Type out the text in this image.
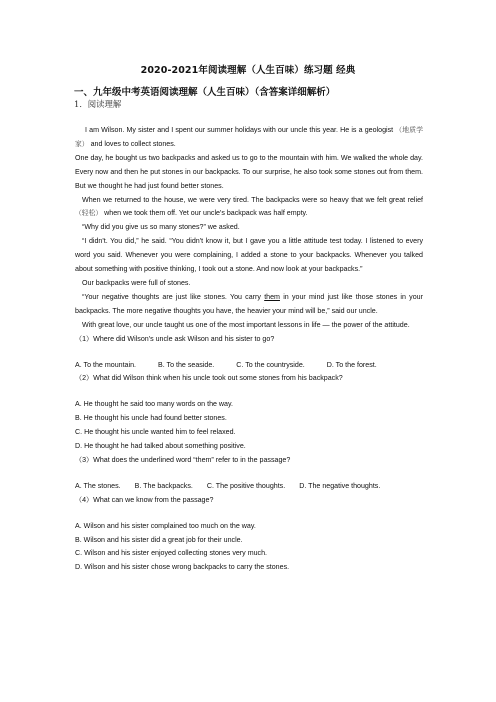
2020-2021年阅读理解（人生百味）练习题 经典
一、九年级中考英语阅读理解（人生百味）（含答案详细解析）
1．阅读理解

I am Wilson. My sister and I spent our summer holidays with our uncle this year. He is a geologist （地质学家） and loves to collect stones.

One day, he bought us two backpacks and asked us to go to the mountain with him. We walked the whole day. Every now and then he put stones in our backpacks. To our surprise, he also took some stones out from them. But we thought he had just found better stones.

When we returned to the house, we were very tired. The backpacks were so heavy that we felt great relief （轻松） when we took them off. Yet our uncle's backpack was half empty.

“Why did you give us so many stones?” we asked.

“I didn't. You did,” he said. “You didn't know it, but I gave you a little attitude test today. I listened to every word you said. Whenever you were complaining, I added a stone to your backpacks. Whenever you talked about something with positive thinking, I took out a stone. And now look at your backpacks.”

Our backpacks were full of stones.

“Your negative thoughts are just like stones. You carry them in your mind just like those stones in your backpacks. The more negative thoughts you have, the heavier your mind will be,” said our uncle.

With great love, our uncle taught us one of the most important lessons in life — the power of the attitude.

（1）Where did Wilson's uncle ask Wilson and his sister to go?

A. To the mountain.	B. To the seaside.	C. To the countryside.	D. To the forest.

（2）What did Wilson think when his uncle took out some stones from his backpack?

A. He thought he said too many words on the way.

B. He thought his uncle had found better stones.

C. He thought his uncle wanted him to feel relaxed.

D. He thought he had talked about something positive.

（3）What does the underlined word “them” refer to in the passage?

A. The stones. B. The backpacks. C. The positive thoughts. D. The negative thoughts.

（4）What can we know from the passage?

A. Wilson and his sister complained too much on the way.

B. Wilson and his sister did a great job for their uncle.

C. Wilson and his sister enjoyed collecting stones very much.

D. Wilson and his sister chose wrong backpacks to carry the stones.
